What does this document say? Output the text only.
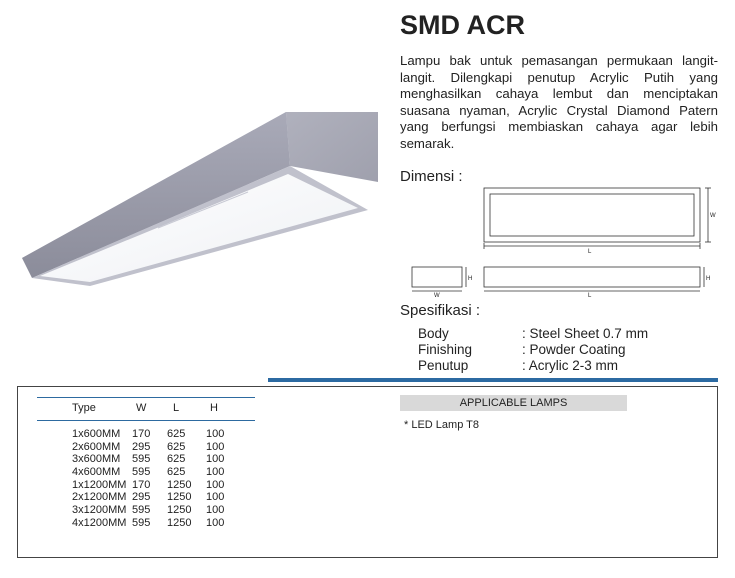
SMD ACR
Lampu bak untuk pemasangan permukaan langit-langit. Dilengkapi penutup Acrylic Putih yang menghasilkan cahaya lembut dan menciptakan suasana nyaman, Acrylic Crystal Diamond Patern yang berfungsi membiaskan cahaya agar lebih semarak.
Dimensi :
W
L
H
W
H
L
Spesifikasi :
Body	: Steel Sheet 0.7 mm
Finishing	: Powder Coating
Penutup	: Acrylic 2-3 mm
Type	W L	H
1x600MM 170 625 100
2x600MM 295 625 100
3x600MM 595 625 100
4x600MM 595 625 100
1x1200MM 170 1250 100
2x1200MM 295 1250 100
3x1200MM 595 1250 100
4x1200MM 595 1250 100
APPLICABLE LAMPS
* LED Lamp T8
